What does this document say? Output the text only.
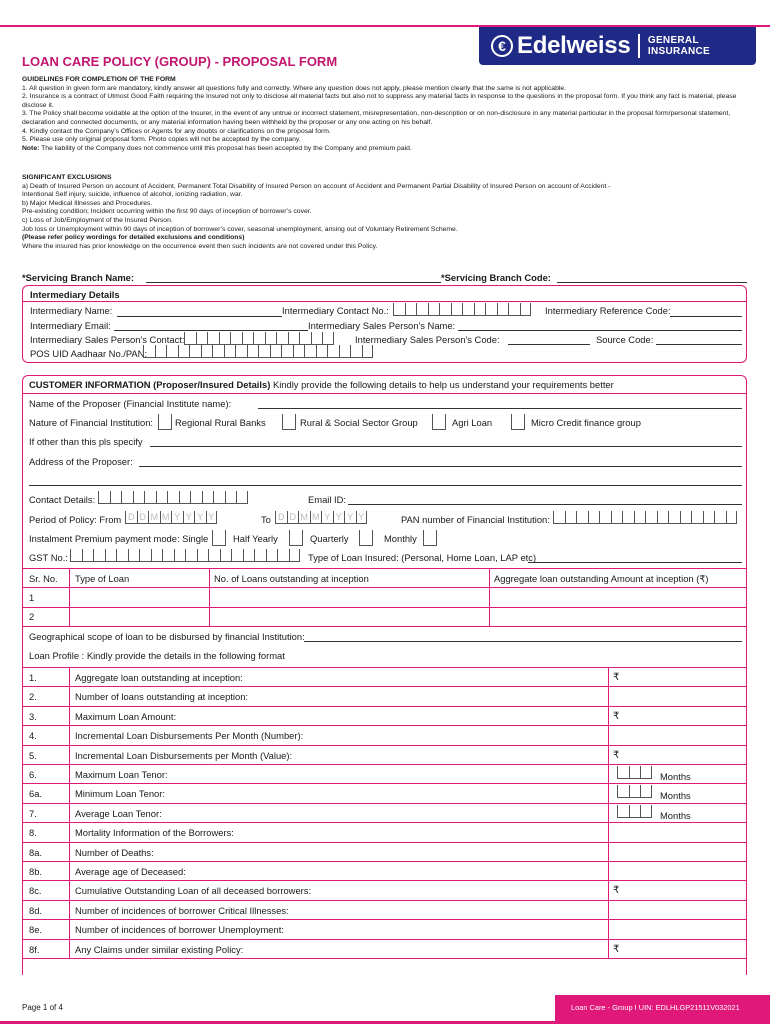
€ Edelweiss GENERAL
INSURANCE
LOAN CARE POLICY (GROUP) - PROPOSAL FORM

GUIDELINES FOR COMPLETION OF THE FORM

1. All question in given form are mandatory, kindly answer all questions fully and correctly. Where any question does not apply, please mention clearly that the same is not applicable.

2. Insurance is a contract of Utmost Good Faith requiring the Insured not only to disclose all material facts but also not to suppress any material facts in response to the questions in the proposal form. If you think any fact is material, please disclose it.

3. The Policy shall become voidable at the option of the Insurer, in the event of any untrue or incorrect statement, misrepresentation, non-description or on non-disclosure in any material particular in the proposal form/personal statement, declaration and connected documents, or any material information having been withheld by the proposer or any one acting on his behalf.

4. Kindly contact the Company’s Offices or Agents for any doubts or clarifications on the proposal form.

5. Please use only original proposal form. Photo copies will not be accepted by the company.

Note: The liability of the Company does not commence until this proposal has been accepted by the Company and premium paid.

SIGNIFICANT EXCLUSIONS

a) Death of Insured Person on account of Accident, Permanent Total Disability of Insured Person on account of Accident and Permanent Partial Disability of Insured Person on account of Accident -

Intentional Self injury, suicide, influence of alcohol, ionizing radiation, war.

b) Major Medical Illnesses and Procedures.

Pre-existing condition; Incident occurring within the first 90 days of inception of borrower’s cover.

c) Loss of Job/Employment of the Insured Person.

Job loss or Unemployment within 90 days of inception of borrower’s cover, seasonal unemployment, arising out of Voluntary Retirement Scheme.

(Please refer policy wordings for detailed exclusions and conditions)

Where the insured has prior knowledge on the occurrence event then such incidents are not covered under this Policy.

*Servicing Branch Name:	*Servicing Branch Code:
Intermediary Details
Intermediary Name:	Intermediary Contact No.:	Intermediary Reference Code:
Intermediary Email:	Intermediary Sales Person's Name:
Intermediary Sales Person's Contact:	Intermediary Sales Person's Code:	Source Code:
POS UID Aadhaar No./PAN:
CUSTOMER INFORMATION (Proposer/Insured Details) Kindly provide the following details to help us understand your requirements better
Name of the Proposer (Financial Institute name):
Nature of Financial Institution: Regional Rural Banks	Rural & Social Sector Group	Agri Loan	Micro Credit finance group
If other than this pls specify
Address of the Proposer:
Contact Details:	Email ID:
Period of Policy: From D D M M Y Y Y Y	To D D M M Y Y Y Y	PAN number of Financial Institution:
Instalment Premium payment mode: Single	Half Yearly	Quarterly	Monthly
GST No.:	Type of Loan Insured: (Personal, Home Loan, LAP etc)
Sr. No. Type of Loan	No. of Loans outstanding at inception	Aggregate loan outstanding Amount at inception (₹)
1
2
Geographical scope of loan to be disbursed by financial Institution:
Loan Profile : Kindly provide the details in the following format
1.	Aggregate loan outstanding at inception:	₹
2.	Number of loans outstanding at inception:
3.	Maximum Loan Amount:	₹
4.	Incremental Loan Disbursements Per Month (Number):
5.	Incremental Loan Disbursements per Month (Value):	₹
6.	Maximum Loan Tenor:	Months
6a.	Minimum Loan Tenor:	Months
7.	Average Loan Tenor:	Months
8.	Mortality Information of the Borrowers:
8a.	Number of Deaths:
8b.	Average age of Deceased:
8c.	Cumulative Outstanding Loan of all deceased borrowers:	₹
8d.	Number of incidences of borrower Critical Illnesses:
8e.	Number of incidences of borrower Unemployment:
8f.	Any Claims under similar existing Policy:	₹
Page 1 of 4	Loan Care - Group I UIN: EDLHLGP21511V032021
